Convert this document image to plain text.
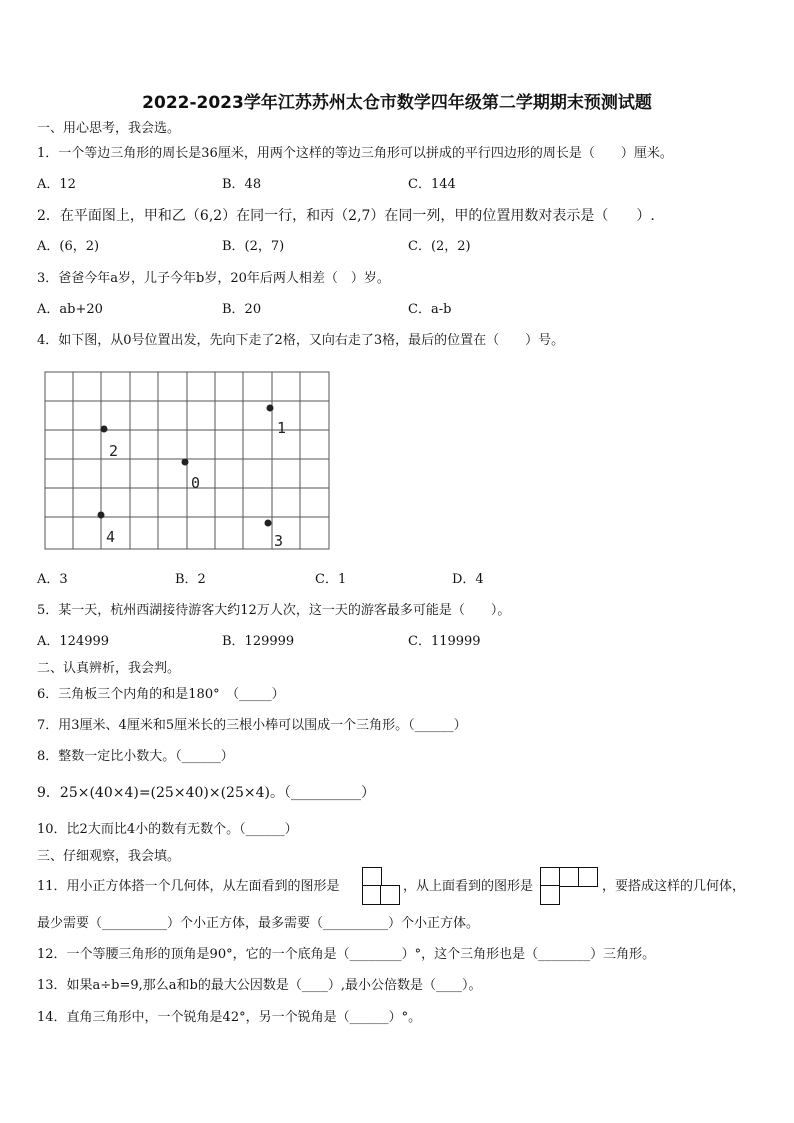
2022-2023学年江苏苏州太仓市数学四年级第二学期期末预测试题
一、用心思考，我会选。
1．一个等边三角形的周长是36厘米，用两个这样的等边三角形可以拼成的平行四边形的周长是（　　）厘米。
A．12	B．48	C．144
2．在平面图上，甲和乙（6,2）在同一行，和丙（2,7）在同一列，甲的位置用数对表示是（　　）.
A．(6，2)	B．(2，7)	C．(2，2)
3．爸爸今年a岁，儿子今年b岁，20年后两人相差（　）岁。
A．ab+20	B．20	C．a-b
4．如下图，从0号位置出发，先向下走了2格，又向右走了3格，最后的位置在（　　）号。
1
2
0
4	3
A．3	B．2	C．1	D．4
5．某一天，杭州西湖接待游客大约12万人次，这一天的游客最多可能是（　　）。
A．124999	B．129999	C．119999
二、认真辨析，我会判。
6．三角板三个内角的和是180°　（_____）
7．用3厘米、4厘米和5厘米长的三根小棒可以围成一个三角形。（______）
8．整数一定比小数大。（______）
9．25×(40×4)=(25×40)×(25×4)。（__________）
10．比2大而比4小的数有无数个。（______）
三、仔细观察，我会填。
11．用小正方体搭一个几何体，从左面看到的图形是	，从上面看到的图形是	，要搭成这样的几何体，
最少需要（__________）个小正方体，最多需要（__________）个小正方体。
12．一个等腰三角形的顶角是90°，它的一个底角是（________）°，这个三角形也是（________）三角形。
13．如果a÷b=9,那么a和b的最大公因数是（____）,最小公倍数是（____）。
14．直角三角形中，一个锐角是42°，另一个锐角是（______）°。
